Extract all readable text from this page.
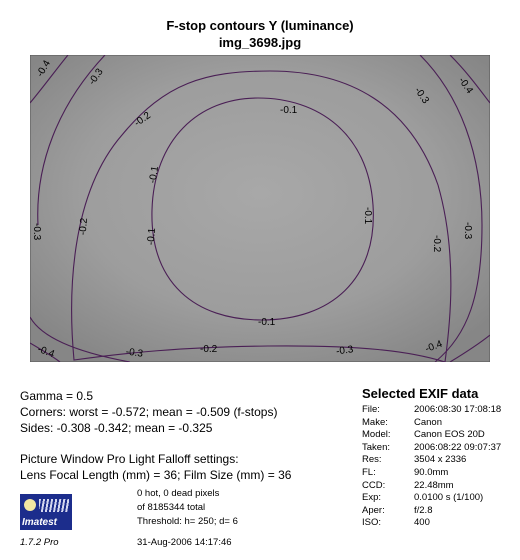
F-stop contours Y (luminance)
img_3698.jpg
-0.4	-0.3
-0.2	-0.1
-0.3	-0.4
-0.3	-0.2
-0.1
-0.1
-0.1
-0.2
-0.3
-0.1
-0.4	-0.3	-0.2	-0.3	-0.4
Gamma = 0.5
Corners: worst = -0.572; mean = -0.509 (f-stops)
Sides: -0.308 -0.342; mean = -0.325
Picture Window Pro Light Falloff settings:
Lens Focal Length (mm) = 36; Film Size (mm) = 36
0 hot, 0 dead pixels
of 8185344 total
Threshold: h= 250; d= 6
Imatest
1.7.2 Pro	31-Aug-2006 14:17:46
Selected EXIF data
File:	2006:08:30 17:08:18
Make:	Canon
Model: Canon EOS 20D
Taken:	2006:08:22 09:07:37
Res:	3504 x 2336
FL:	90.0mm
CCD:	22.48mm
Exp:	0.0100 s (1/100)
Aper:	f/2.8
ISO:	400
